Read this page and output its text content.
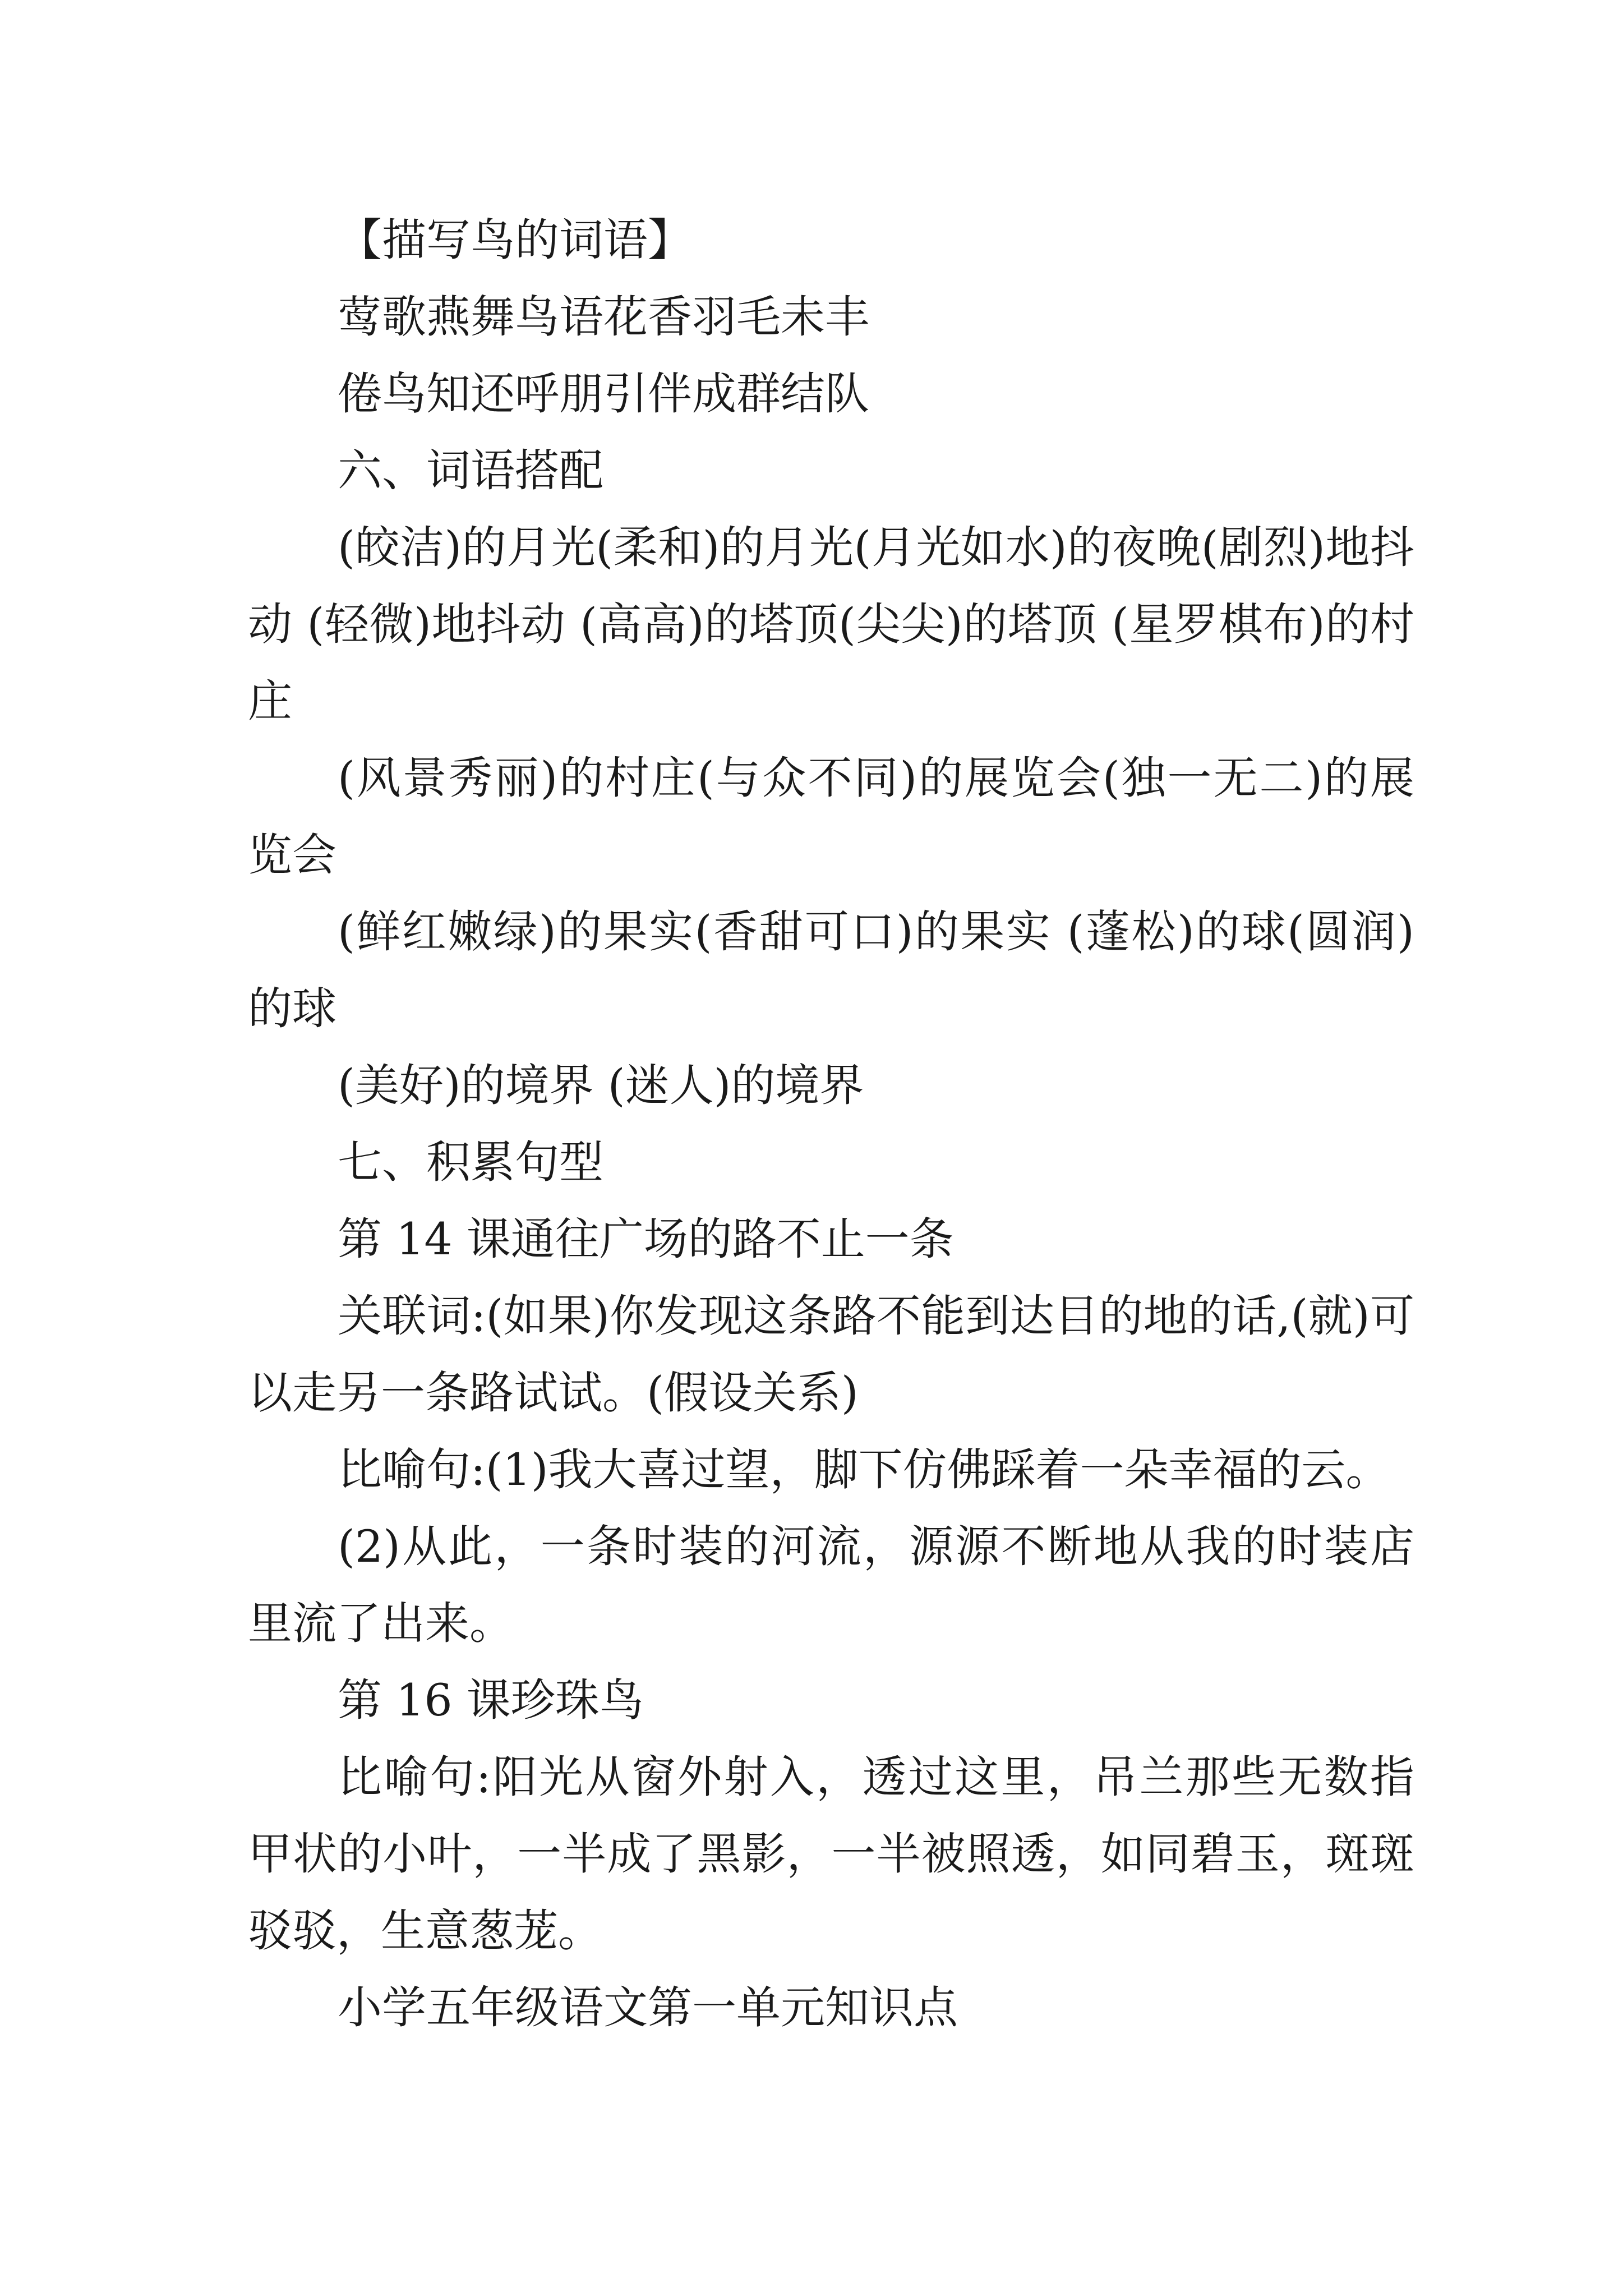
【描写鸟的词语】

莺歌燕舞鸟语花香羽毛未丰

倦鸟知还呼朋引伴成群结队

六、词语搭配

(皎洁)的月光(柔和)的月光(月光如水)的夜晚(剧烈)地抖动 (轻微)地抖动 (高高)的塔顶(尖尖)的塔顶 (星罗棋布)的村庄

(风景秀丽)的村庄(与众不同)的展览会(独一无二)的展览会

(鲜红嫩绿)的果实(香甜可口)的果实 (蓬松)的球(圆润)的球

(美好)的境界 (迷人)的境界

七、积累句型

第 14 课通往广场的路不止一条

关联词:(如果)你发现这条路不能到达目的地的话,(就)可以走另一条路试试。(假设关系)

比喻句:(1)我大喜过望，脚下仿佛踩着一朵幸福的云。

(2)从此，一条时装的河流，源源不断地从我的时装店里流了出来。

第 16 课珍珠鸟

比喻句:阳光从窗外射入，透过这里，吊兰那些无数指甲状的小叶，一半成了黑影，一半被照透，如同碧玉，斑斑驳驳，生意葱茏。

小学五年级语文第一单元知识点
